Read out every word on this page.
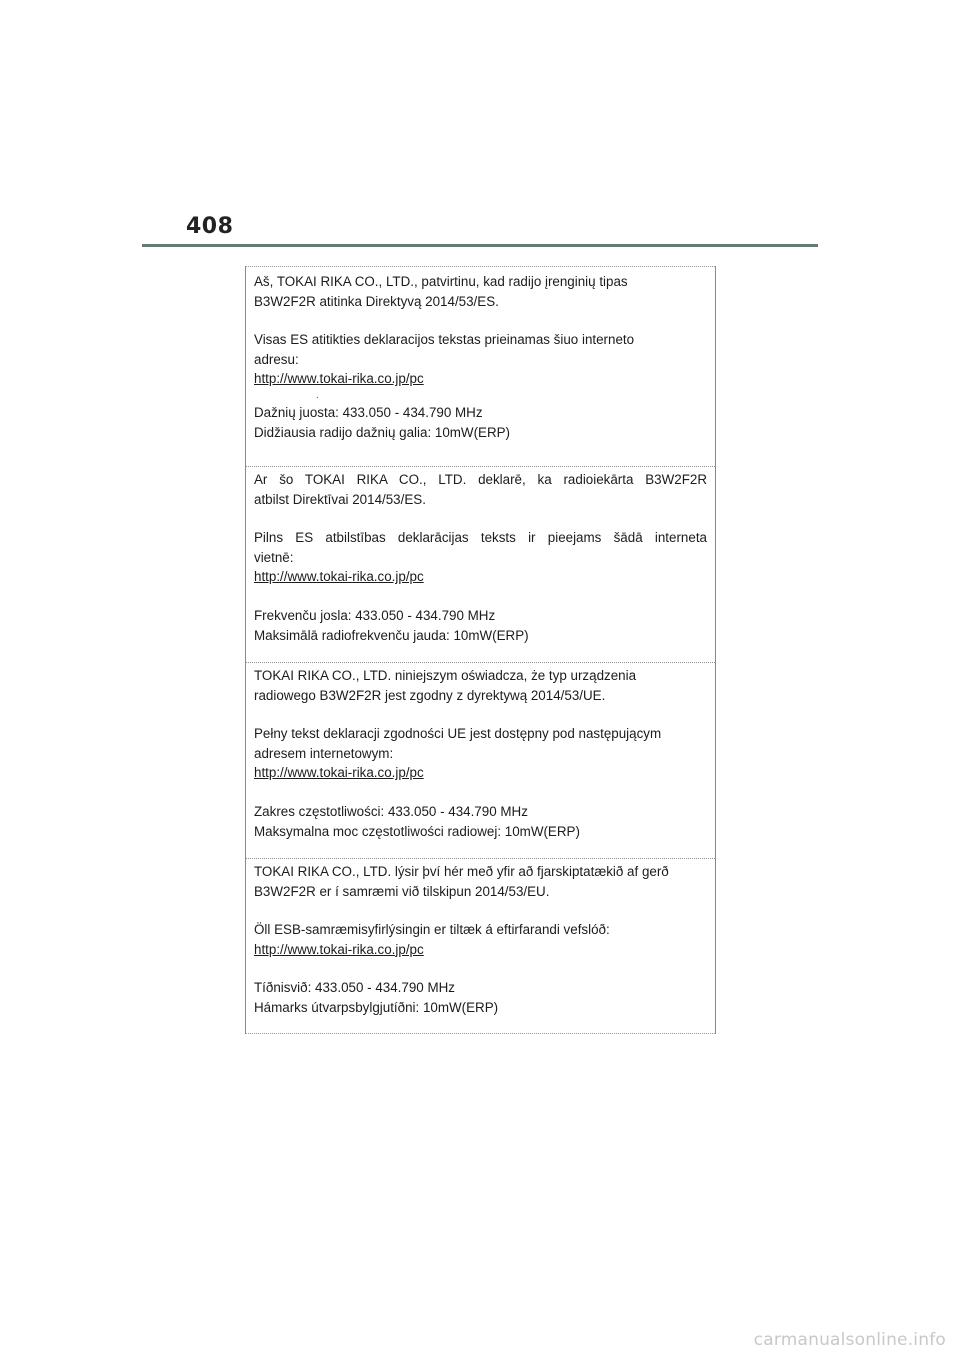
408

Aš, TOKAI RIKA CO., LTD., patvirtinu, kad radijo įrenginių tipas
B3W2F2R atitinka Direktyvą 2014/53/ES.

Visas ES atitikties deklaracijos tekstas prieinamas šiuo interneto
adresu:
http://www.tokai-rika.co.jp/pc

.

Dažnių juosta: 433.050 - 434.790 MHz
Didžiausia radijo dažnių galia: 10mW(ERP)

Ar šo TOKAI RIKA CO., LTD. deklarē, ka radioiekārta B3W2F2R

atbilst Direktīvai 2014/53/ES.

Pilns ES atbilstības deklarācijas teksts ir pieejams šādā interneta

vietnē:
http://www.tokai-rika.co.jp/pc

Frekvenču josla: 433.050 - 434.790 MHz
Maksimālā radiofrekvenču jauda: 10mW(ERP)

TOKAI RIKA CO., LTD. niniejszym oświadcza, że typ urządzenia
radiowego B3W2F2R jest zgodny z dyrektywą 2014/53/UE.

Pełny tekst deklaracji zgodności UE jest dostępny pod następującym
adresem internetowym:
http://www.tokai-rika.co.jp/pc

Zakres częstotliwości: 433.050 - 434.790 MHz
Maksymalna moc częstotliwości radiowej: 10mW(ERP)

TOKAI RIKA CO., LTD. lýsir því hér með yfir að fjarskiptatækið af gerð
B3W2F2R er í samræmi við tilskipun 2014/53/EU.

Öll ESB-samræmisyfirlýsingin er tiltæk á eftirfarandi vefslóð:
http://www.tokai-rika.co.jp/pc

Tíðnisvið: 433.050 - 434.790 MHz
Hámarks útvarpsbylgjutíðni: 10mW(ERP)

carmanualsonline.info
